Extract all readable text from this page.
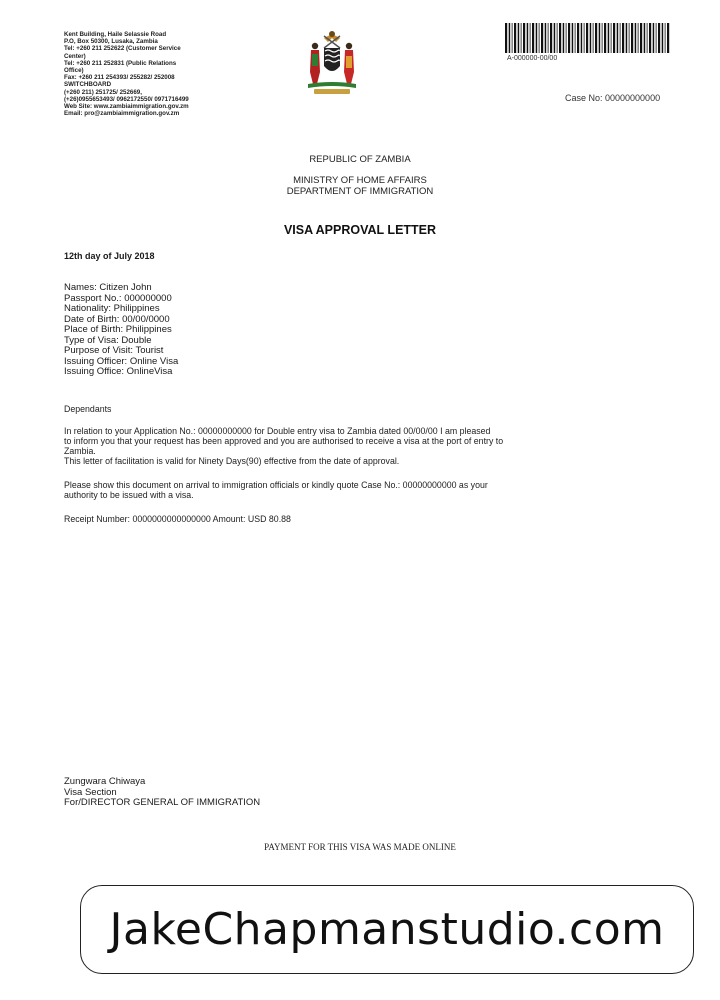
Kent Building, Haile Selassie Road
P.O, Box 50300, Lusaka, Zambia
Tel: +260 211 252622 (Customer Service
Center)
Tel: +260 211 252831 (Public Relations
Office)
Fax: +260 211 254393/ 255282/ 252008
SWITCHBOARD
(+260 211) 251725/ 252669,
(+26)0955653493/ 0962172550/ 0971716499
Web Site: www.zambiaimmigration.gov.zm
Email: pro@zambiaimmigration.gov.zm
A-000000-00/00
Case No: 00000000000
REPUBLIC OF ZAMBIA
MINISTRY OF HOME AFFAIRS
DEPARTMENT OF IMMIGRATION
VISA APPROVAL LETTER
12th day of July 2018
Names: Citizen John
Passport No.: 000000000
Nationality: Philippines
Date of Birth: 00/00/0000
Place of Birth: Philippines
Type of Visa: Double
Purpose of Visit: Tourist
Issuing Officer: Online Visa
Issuing Office: OnlineVisa
Dependants
In relation to your Application No.: 00000000000 for Double entry visa to Zambia dated 00/00/00 I am pleased
to inform you that your request has been approved and you are authorised to receive a visa at the port of entry to
Zambia.
This letter of facilitation is valid for Ninety Days(90) effective from the date of approval.
Please show this document on arrival to immigration officials or kindly quote Case No.: 00000000000 as your
authority to be issued with a visa.
Receipt Number: 0000000000000000 Amount: USD 80.88
Zungwara Chiwaya
Visa Section
For/DIRECTOR GENERAL OF IMMIGRATION
PAYMENT FOR THIS VISA WAS MADE ONLINE
JakeChapmanstudio.com
